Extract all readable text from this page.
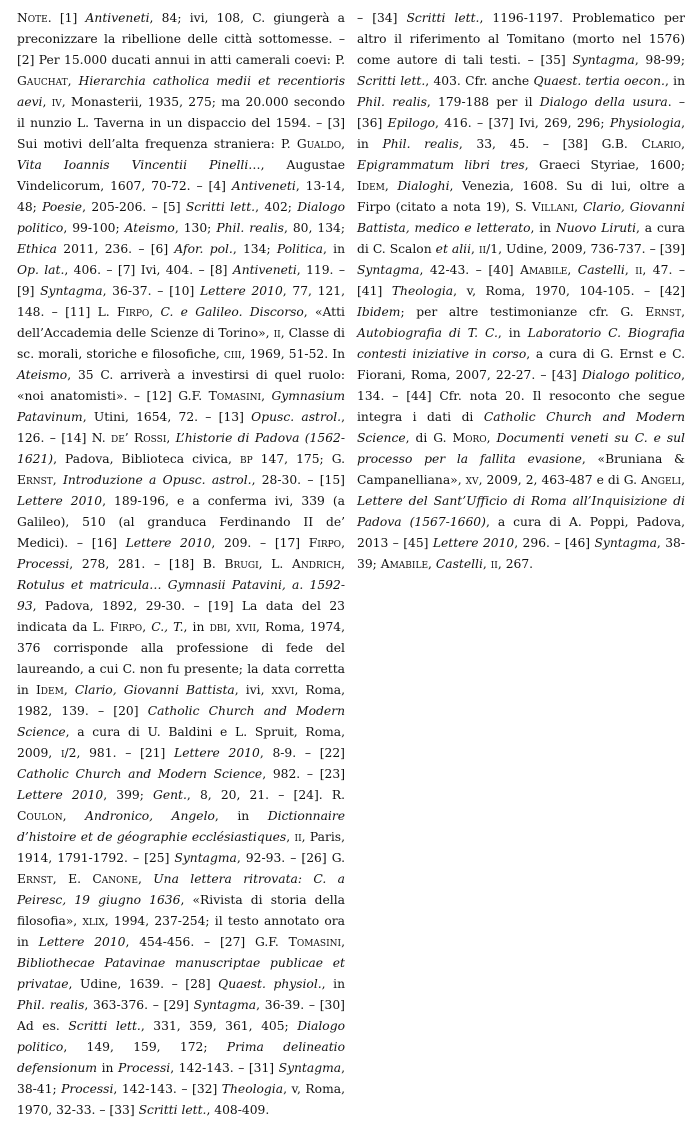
Note. [1] Antiveneti, 84; ivi, 108, C. giungerà a preconizzare la ribellione delle città sottomesse. – [2] Per 15.000 ducati annui in atti camerali coevi: P. Gauchat, Hierarchia catholica medii et recentioris aevi, iv, Monasterii, 1935, 275; ma 20.000 secondo il nunzio L. Taverna in un dispaccio del 1594. – [3] Sui motivi dell’alta frequenza straniera: P. Gualdo, Vita Ioannis Vincentii Pinelli…, Augustae Vindelicorum, 1607, 70-72. – [4] Antiveneti, 13-14, 48; Poesie, 205-206. – [5] Scritti lett., 402; Dialogo politico, 99-100; Ateismo, 130; Phil. realis, 80, 134; Ethica 2011, 236. – [6] Afor. pol., 134; Politica, in Op. lat., 406. – [7] Ivi, 404. – [8] Antiveneti, 119. – [9] Syntagma, 36-37. – [10] Lettere 2010, 77, 121, 148. – [11] L. Firpo, C. e Galileo. Discorso, «Atti dell’Accademia delle Scienze di Torino», ii, Classe di sc. morali, storiche e filosofiche, ciii, 1969, 51-52. In Ateismo, 35 C. arriverà a investirsi di quel ruolo: «noi anatomisti». – [12] G.F. Tomasini, Gymnasium Patavinum, Utini, 1654, 72. – [13] Opusc. astrol., 126. – [14] N. de’ Rossi, L’historie di Padova (1562-1621), Padova, Biblioteca civica, bp 147, 175; G. Ernst, Introduzione a Opusc. astrol., 28-30. – [15] Lettere 2010, 189-196, e a conferma ivi, 339 (a Galileo), 510 (al granduca Ferdinando II de’ Medici). – [16] Lettere 2010, 209. – [17] Firpo, Processi, 278, 281. – [18] B. Brugi, L. Andrich, Rotulus et matricula… Gymnasii Patavini, a. 1592-93, Padova, 1892, 29-30. – [19] La data del 23 indicata da L. Firpo, C., T., in dbi, xvii, Roma, 1974, 376 corrisponde alla professione di fede del laureando, a cui C. non fu presente; la data corretta in Idem, Clario, Giovanni Battista, ivi, xxvi, Roma, 1982, 139. – [20] Catholic Church and Modern Science, a cura di U. Baldini e L. Spruit, Roma, 2009, i/2, 981. – [21] Lettere 2010, 8-9. – [22] Catholic Church and Modern Science, 982. – [23] Lettere 2010, 399; Gent., 8, 20, 21. – [24]. R. Coulon, Andronico, Angelo, in Dictionnaire d’histoire et de géographie ecclésiastiques, ii, Paris, 1914, 1791-1792. – [25] Syntagma, 92-93. – [26] G. Ernst, E. Canone, Una lettera ritrovata: C. a Peiresc, 19 giugno 1636, «Rivista di storia della filosofia», xlix, 1994, 237-254; il testo annotato ora in Lettere 2010, 454-456. – [27] G.F. Tomasini, Bibliothecae Patavinae manuscriptae publicae et privatae, Udine, 1639. – [28] Quaest. physiol., in Phil. realis, 363-376. – [29] Syntagma, 36-39. – [30] Ad es. Scritti lett., 331, 359, 361, 405; Dialogo politico, 149, 159, 172; Prima delineatio defensionum in Processi, 142-143. – [31] Syntagma, 38-41; Processi, 142-143. – [32] Theologia, v, Roma, 1970, 32-33. – [33] Scritti lett., 408-409.

– [34] Scritti lett., 1196-1197. Problematico per altro il riferimento al Tomitano (morto nel 1576) come autore di tali testi. – [35] Syntagma, 98-99; Scritti lett., 403. Cfr. anche Quaest. tertia oecon., in Phil. realis, 179-188 per il Dialogo della usura. – [36] Epilogo, 416. – [37] Ivi, 269, 296; Physiologia, in Phil. realis, 33, 45. – [38] G.B. Clario, Epigrammatum libri tres, Graeci Styriae, 1600; Idem, Dialoghi, Venezia, 1608. Su di lui, oltre a Firpo (citato a nota 19), S. Villani, Clario, Giovanni Battista, medico e letterato, in Nuovo Liruti, a cura di C. Scalon et alii, ii/1, Udine, 2009, 736-737. – [39] Syntagma, 42-43. – [40] Amabile, Castelli, ii, 47. – [41] Theologia, v, Roma, 1970, 104-105. – [42] Ibidem; per altre testimonianze cfr. G. Ernst, Autobiografia di T. C., in Laboratorio C. Biografia contesti iniziative in corso, a cura di G. Ernst e C. Fiorani, Roma, 2007, 22-27. – [43] Dialogo politico, 134. – [44] Cfr. nota 20. Il resoconto che segue integra i dati di Catholic Church and Modern Science, di G. Moro, Documenti veneti su C. e sul processo per la fallita evasione, «Bruniana & Campanelliana», xv, 2009, 2, 463-487 e di G. Angeli, Lettere del Sant’Ufficio di Roma all’Inquisizione di Padova (1567-1660), a cura di A. Poppi, Padova, 2013 – [45] Lettere 2010, 296. – [46] Syntagma, 38-39; Amabile, Castelli, ii, 267.
